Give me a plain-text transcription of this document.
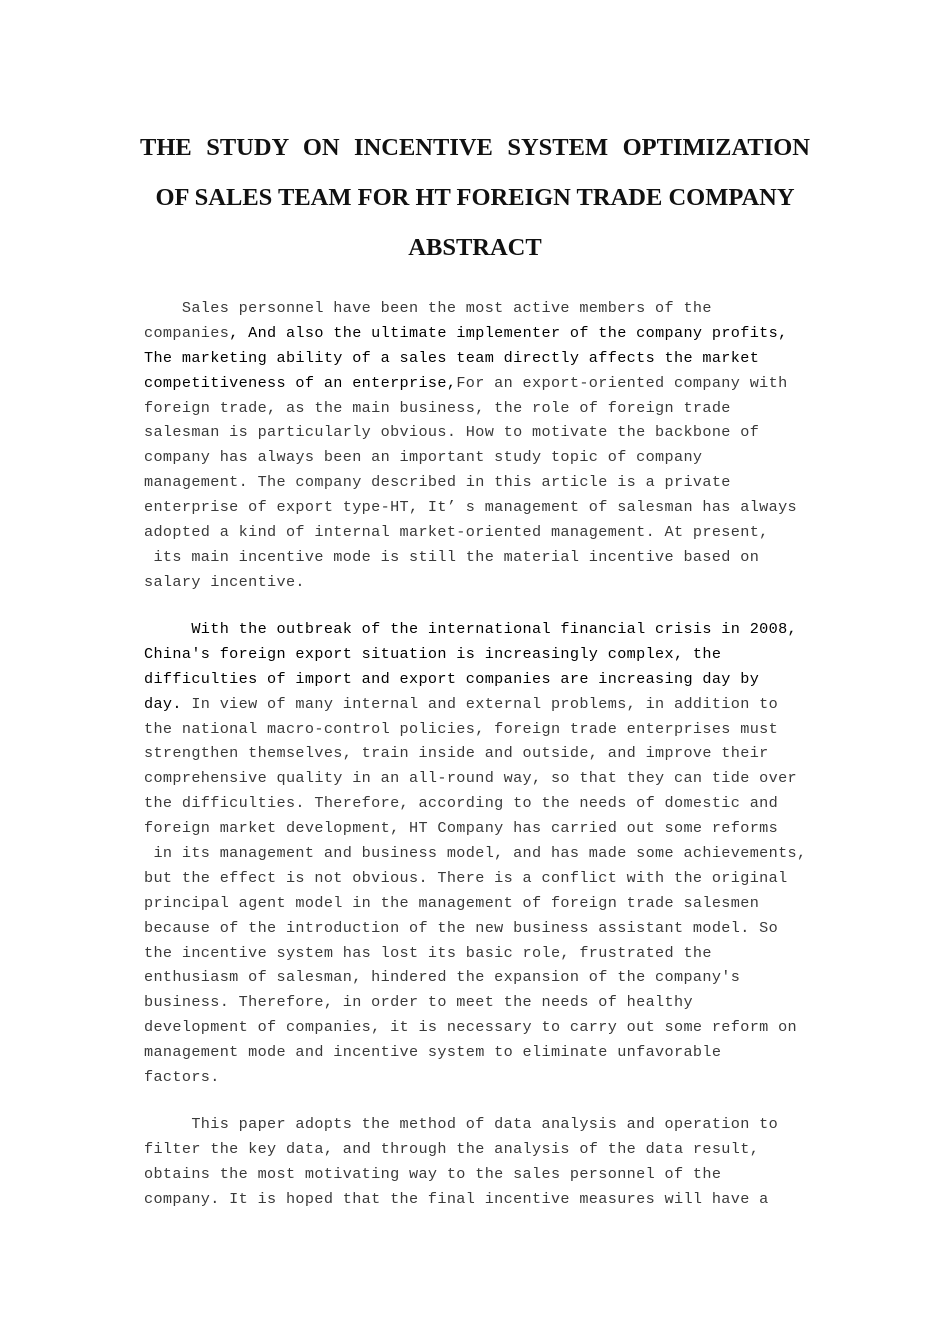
THE STUDY ON INCENTIVE SYSTEM OPTIMIZATION
OF SALES TEAM FOR HT FOREIGN TRADE COMPANY
ABSTRACT
Sales personnel have been the most active members of the
companies, And also the ultimate implementer of the company profits,
The marketing ability of a sales team directly affects the market
competitiveness of an enterprise,For an export-oriented company with
foreign trade, as the main business, the role of foreign trade
salesman is particularly obvious. How to motivate the backbone of
company has always been an important study topic of company
management. The company described in this article is a private
enterprise of export type-HT, It’ s management of salesman has always
adopted a kind of internal market-oriented management. At present,
its main incentive mode is still the material incentive based on
salary incentive.
With the outbreak of the international financial crisis in 2008,
China's foreign export situation is increasingly complex, the
difficulties of import and export companies are increasing day by
day. In view of many internal and external problems, in addition to
the national macro-control policies, foreign trade enterprises must
strengthen themselves, train inside and outside, and improve their
comprehensive quality in an all-round way, so that they can tide over
the difficulties. Therefore, according to the needs of domestic and
foreign market development, HT Company has carried out some reforms
in its management and business model, and has made some achievements,
but the effect is not obvious. There is a conflict with the original
principal agent model in the management of foreign trade salesmen
because of the introduction of the new business assistant model. So
the incentive system has lost its basic role, frustrated the
enthusiasm of salesman, hindered the expansion of the company's
business. Therefore, in order to meet the needs of healthy
development of companies, it is necessary to carry out some reform on
management mode and incentive system to eliminate unfavorable
factors.
This paper adopts the method of data analysis and operation to
filter the key data, and through the analysis of the data result,
obtains the most motivating way to the sales personnel of the
company. It is hoped that the final incentive measures will have a
